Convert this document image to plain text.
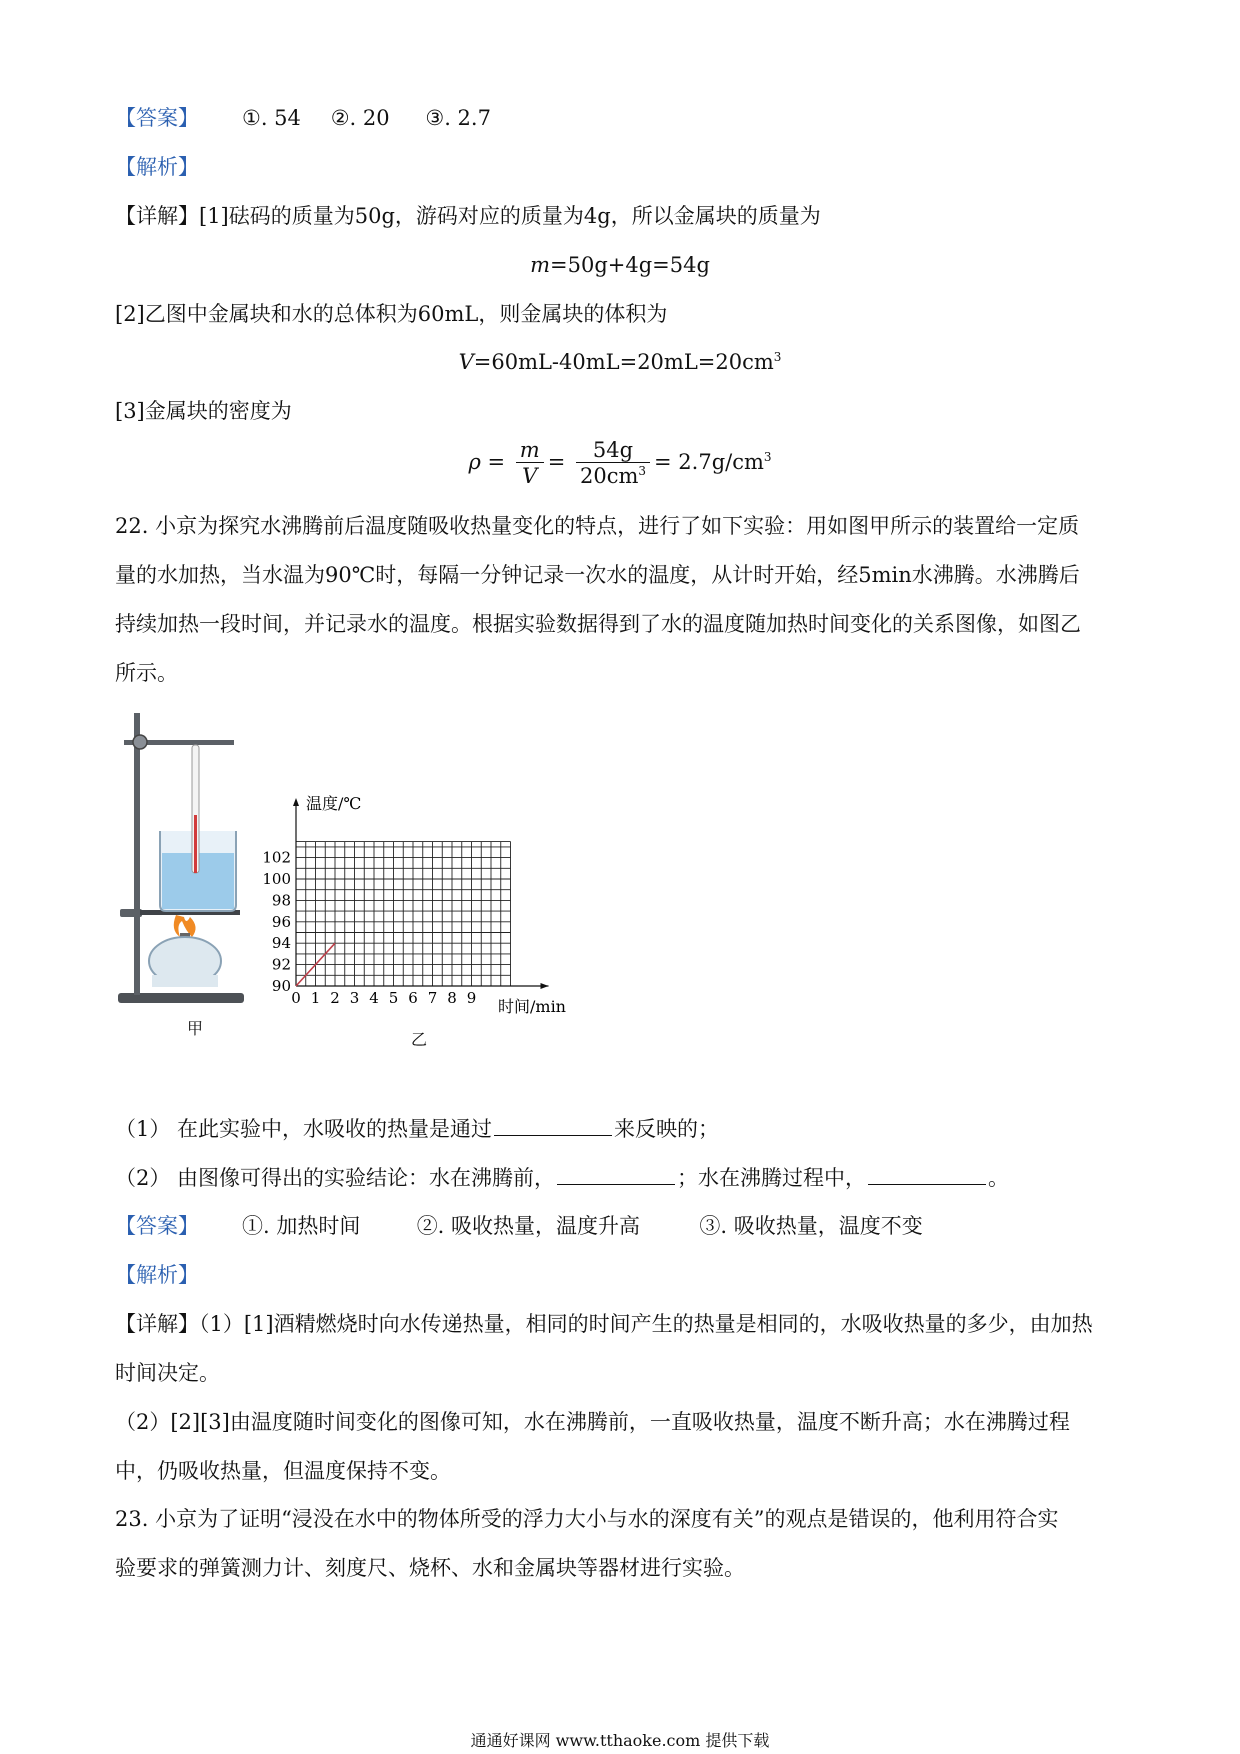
【答案】 ①. 54 ②. 20 ③. 2.7
【解析】
【详解】[1]砝码的质量为50g，游码对应的质量为4g，所以金属块的质量为
m=50g+4g=54g
[2]乙图中金属块和水的总体积为60mL，则金属块的体积为
$V=60mL-40mL=20mL=20cm^3$
[3]金属块的密度为
$\rho = \frac{m}{V} = \frac{54g}{20cm^3} = 2.7g/cm^3$
22. 小京为探究水沸腾前后温度随吸收热量变化的特点，进行了如下实验：用如图甲所示的装置给一定质
量的水加热，当水温为90℃时，每隔一分钟记录一次水的温度，从计时开始，经5min水沸腾。水沸腾后
持续加热一段时间，并记录水的温度。根据实验数据得到了水的温度随加热时间变化的关系图像，如图乙
所示。
甲
0 1 2 3 4 5 6 7 8 9
90
92
94
96
98
100
102
温度/℃
时间/min
乙
（1） 在此实验中，水吸收的热量是通过	来反映的；
（2） 由图像可得出的实验结论：水在沸腾前，	；水在沸腾过程中，	。
【答案】 ①. 加热时间	②. 吸收热量，温度升高	③. 吸收热量，温度不变
【解析】
【详解】（1）[1]酒精燃烧时向水传递热量，相同的时间产生的热量是相同的，水吸收热量的多少，由加热
时间决定。
（2）[2][3]由温度随时间变化的图像可知，水在沸腾前，一直吸收热量，温度不断升高；水在沸腾过程
中，仍吸收热量，但温度保持不变。
23. 小京为了证明“浸没在水中的物体所受的浮力大小与水的深度有关”的观点是错误的，他利用符合实
验要求的弹簧测力计、刻度尺、烧杯、水和金属块等器材进行实验。
通通好课网 www.tthaoke.com 提供下载
